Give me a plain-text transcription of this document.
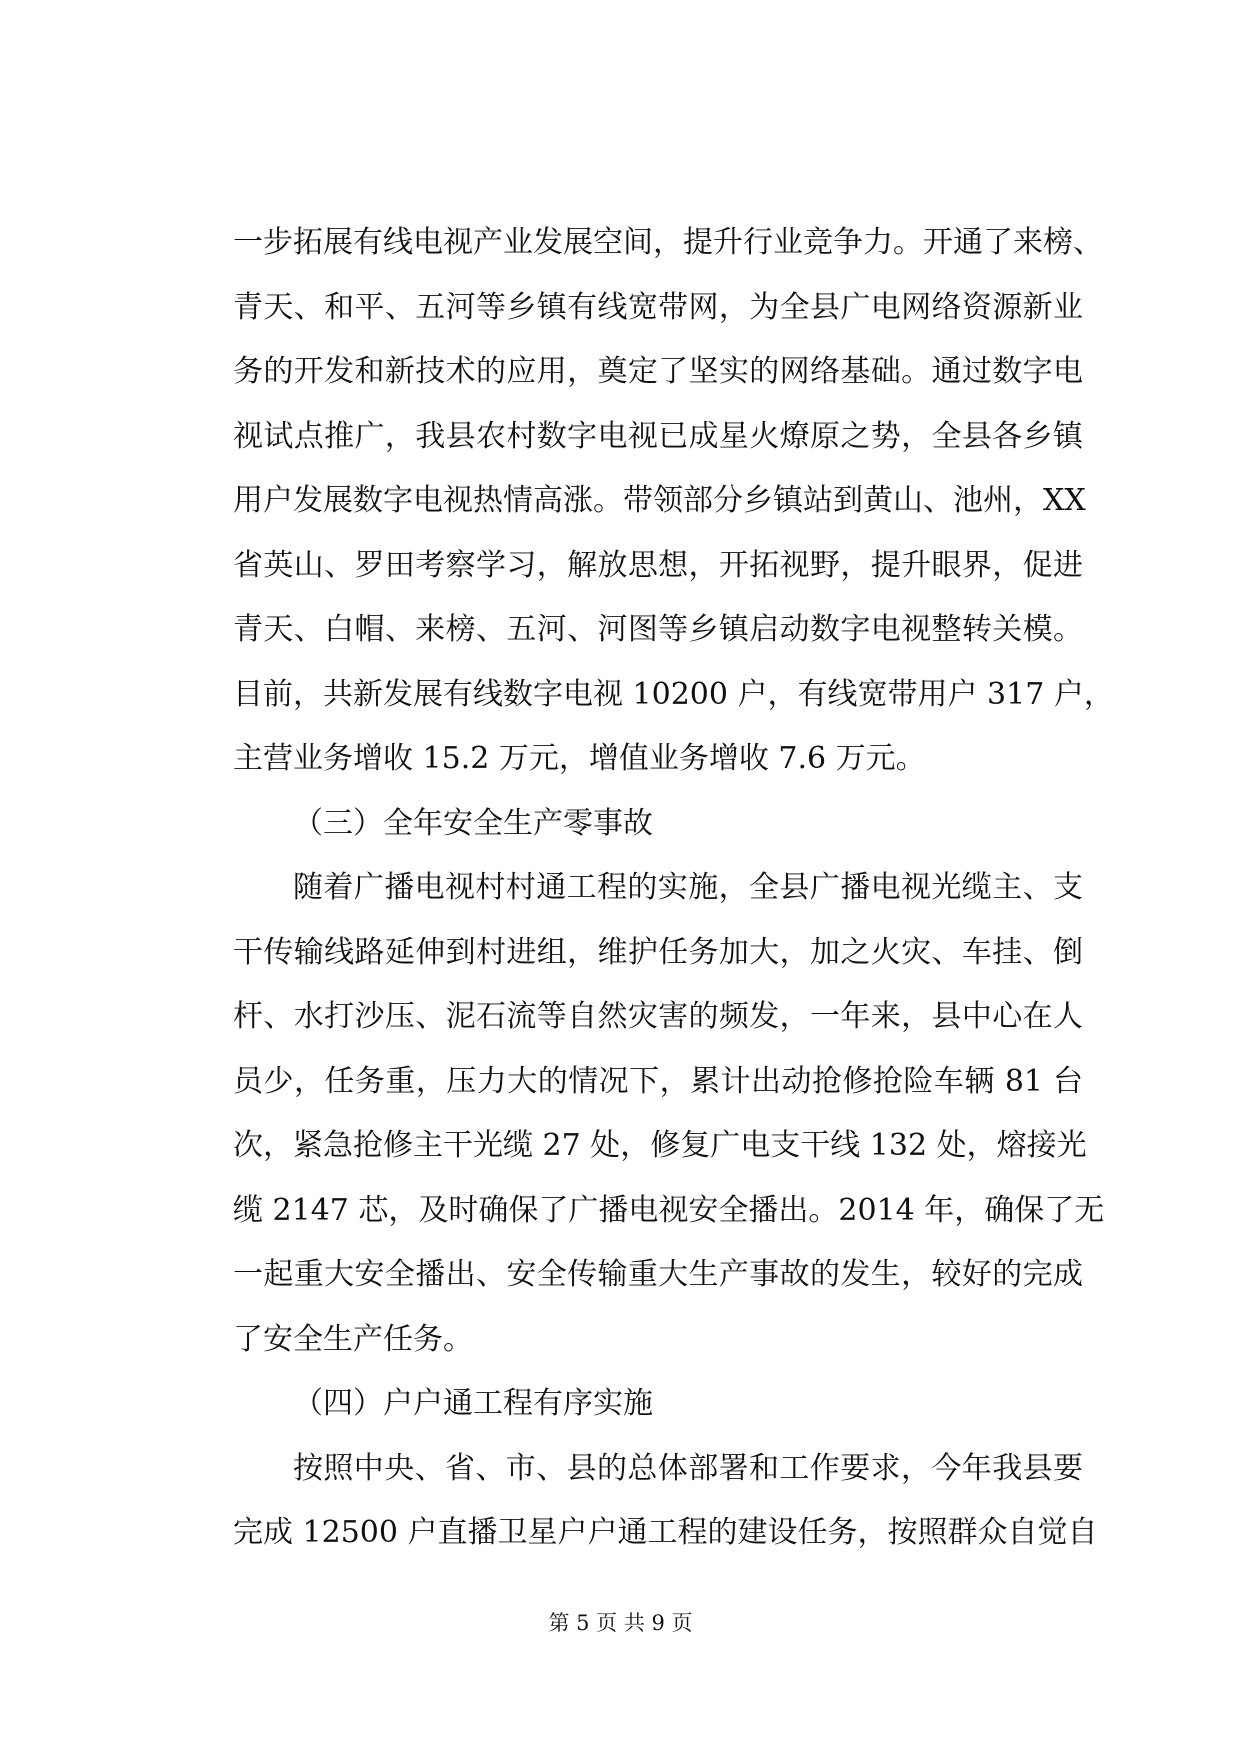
一步拓展有线电视产业发展空间，提升行业竞争力。开通了来榜、
青天、和平、五河等乡镇有线宽带网，为全县广电网络资源新业
务的开发和新技术的应用，奠定了坚实的网络基础。通过数字电
视试点推广，我县农村数字电视已成星火燎原之势，全县各乡镇
用户发展数字电视热情高涨。带领部分乡镇站到黄山、池州，XX
省英山、罗田考察学习，解放思想，开拓视野，提升眼界，促进
青天、白帽、来榜、五河、河图等乡镇启动数字电视整转关模。
目前，共新发展有线数字电视 10200 户，有线宽带用户 317 户，
主营业务增收 15.2 万元，增值业务增收 7.6 万元。
（三）全年安全生产零事故
随着广播电视村村通工程的实施，全县广播电视光缆主、支
干传输线路延伸到村进组，维护任务加大，加之火灾、车挂、倒
杆、水打沙压、泥石流等自然灾害的频发，一年来，县中心在人
员少，任务重，压力大的情况下，累计出动抢修抢险车辆 81 台
次，紧急抢修主干光缆 27 处，修复广电支干线 132 处，熔接光
缆 2147 芯，及时确保了广播电视安全播出。2014 年，确保了无
一起重大安全播出、安全传输重大生产事故的发生，较好的完成
了安全生产任务。
（四）户户通工程有序实施
按照中央、省、市、县的总体部署和工作要求，今年我县要
完成 12500 户直播卫星户户通工程的建设任务，按照群众自觉自
第 5 页 共 9 页
